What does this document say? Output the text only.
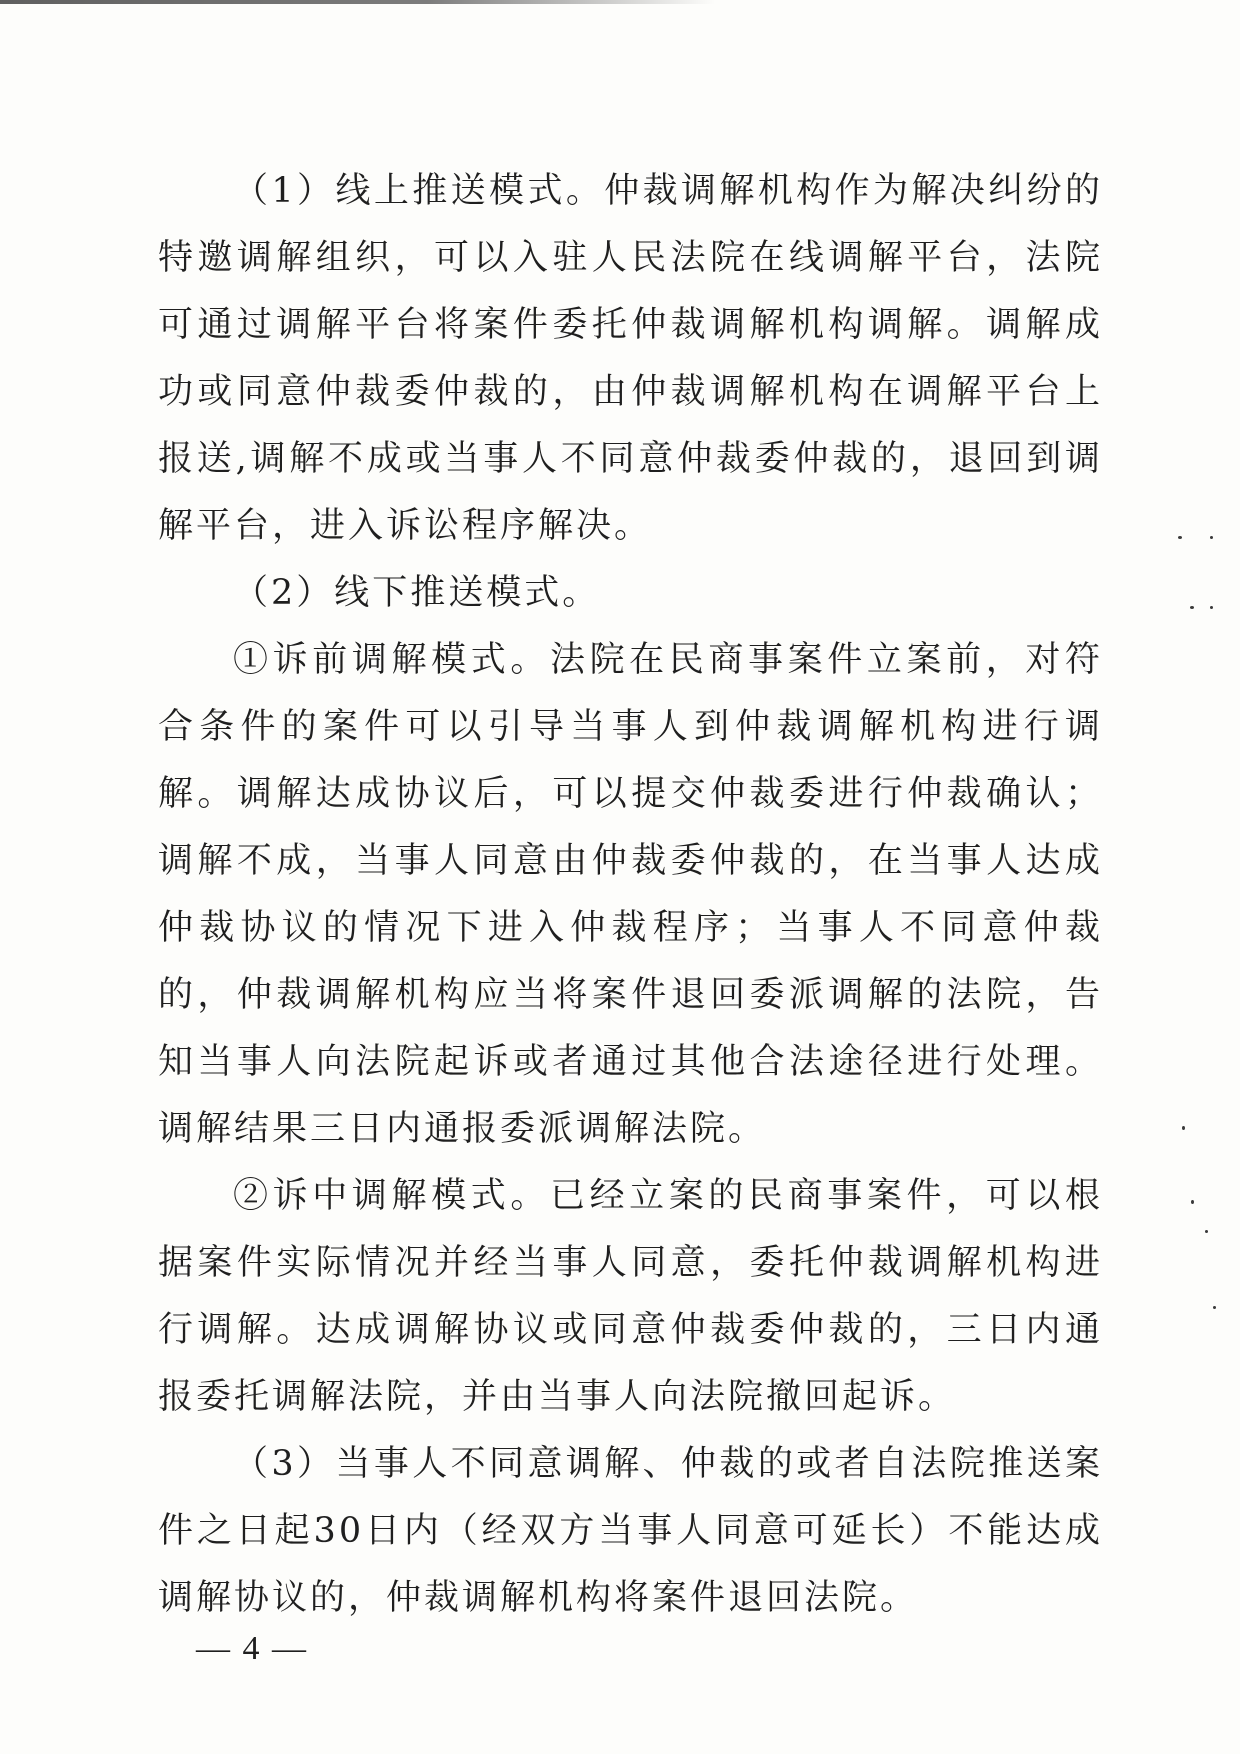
（1）线上推送模式。仲裁调解机构作为解决纠纷的特邀调解组织，可以入驻人民法院在线调解平台，法院可通过调解平台将案件委托仲裁调解机构调解。调解成功或同意仲裁委仲裁的，由仲裁调解机构在调解平台上报送,调解不成或当事人不同意仲裁委仲裁的，退回到调解平台，进入诉讼程序解决。

（2）线下推送模式。

①诉前调解模式。法院在民商事案件立案前，对符合条件的案件可以引导当事人到仲裁调解机构进行调解。调解达成协议后，可以提交仲裁委进行仲裁确认；调解不成，当事人同意由仲裁委仲裁的，在当事人达成仲裁协议的情况下进入仲裁程序；当事人不同意仲裁的，仲裁调解机构应当将案件退回委派调解的法院，告知当事人向法院起诉或者通过其他合法途径进行处理。调解结果三日内通报委派调解法院。

②诉中调解模式。已经立案的民商事案件，可以根据案件实际情况并经当事人同意，委托仲裁调解机构进行调解。达成调解协议或同意仲裁委仲裁的，三日内通报委托调解法院，并由当事人向法院撤回起诉。

（3）当事人不同意调解、仲裁的或者自法院推送案件之日起30日内（经双方当事人同意可延长）不能达成调解协议的，仲裁调解机构将案件退回法院。

— 4 —
